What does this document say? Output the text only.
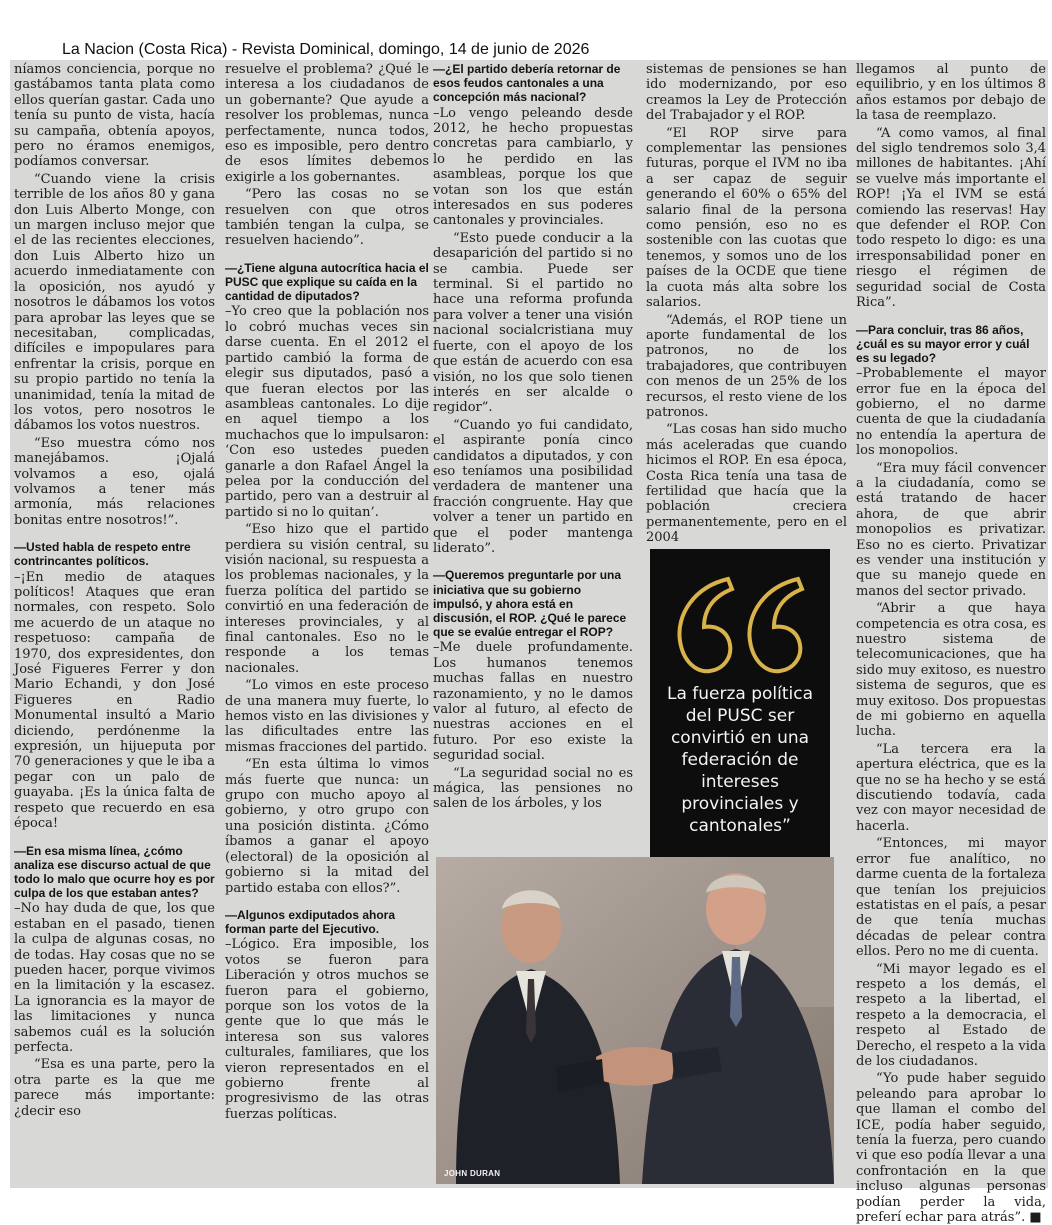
La Nacion (Costa Rica) - Revista Dominical, domingo, 14 de junio de 2026

níamos conciencia, porque no gastábamos tanta plata como ellos querían gastar. Cada uno tenía su punto de vista, hacía su campaña, obtenía apoyos, pero no éramos enemigos, podíamos conversar.

“Cuando viene la crisis terrible de los años 80 y gana don Luis Alberto Monge, con un margen incluso mejor que el de las recientes elecciones, don Luis Alberto hizo un acuerdo inmediatamente con la oposición, nos ayudó y nosotros le dábamos los votos para aprobar las leyes que se necesitaban, complicadas, difíciles e impopulares para enfrentar la crisis, porque en su propio partido no tenía la unanimidad, tenía la mitad de los votos, pero nosotros le dábamos los votos nuestros.

“Eso muestra cómo nos manejábamos. ¡Ojalá volvamos a eso, ojalá volvamos a tener más armonía, más relaciones bonitas entre nosotros!”.

—Usted habla de respeto entre contrincantes políticos.

–¡En medio de ataques políticos! Ataques que eran normales, con respeto. Solo me acuerdo de un ataque no respetuoso: campaña de 1970, dos expresidentes, don José Figueres Ferrer y don Mario Echandi, y don José Figueres en Radio Monumental insultó a Mario diciendo, perdónenme la expresión, un hijueputa por 70 generaciones y que le iba a pegar con un palo de guayaba. ¡Es la única falta de respeto que recuerdo en esa época!

—En esa misma línea, ¿cómo analiza ese discurso actual de que todo lo malo que ocurre hoy es por culpa de los que estaban antes?

–No hay duda de que, los que estaban en el pasado, tienen la culpa de algunas cosas, no de todas. Hay cosas que no se pueden hacer, porque vivimos en la limitación y la escasez. La ignorancia es la mayor de las limitaciones y nunca sabemos cuál es la solución perfecta.

“Esa es una parte, pero la otra parte es la que me parece más importante: ¿decir eso

resuelve el problema? ¿Qué le interesa a los ciudadanos de un gobernante? Que ayude a resolver los problemas, nunca perfectamente, nunca todos, eso es imposible, pero dentro de esos límites debemos exigirle a los gobernantes.

“Pero las cosas no se resuelven con que otros también tengan la culpa, se resuelven haciendo”.

—¿Tiene alguna autocrítica hacia el PUSC que explique su caída en la cantidad de diputados?

–Yo creo que la población nos lo cobró muchas veces sin darse cuenta. En el 2012 el partido cambió la forma de elegir sus diputados, pasó a que fueran electos por las asambleas cantonales. Lo dije en aquel tiempo a los muchachos que lo impulsaron: ‘Con eso ustedes pueden ganarle a don Rafael Ángel la pelea por la conducción del partido, pero van a destruir al partido si no lo quitan’.

“Eso hizo que el partido perdiera su visión central, su visión nacional, su respuesta a los problemas nacionales, y la fuerza política del partido se convirtió en una federación de intereses provinciales, y al final cantonales. Eso no le responde a los temas nacionales.

“Lo vimos en este proceso de una manera muy fuerte, lo hemos visto en las divisiones y las dificultades entre las mismas fracciones del partido.

“En esta última lo vimos más fuerte que nunca: un grupo con mucho apoyo al gobierno, y otro grupo con una posición distinta. ¿Cómo íbamos a ganar el apoyo (electoral) de la oposición al gobierno si la mitad del partido estaba con ellos?”.

—Algunos exdiputados ahora forman parte del Ejecutivo.

–Lógico. Era imposible, los votos se fueron para Liberación y otros muchos se fueron para el gobierno, porque son los votos de la gente que lo que más le interesa son sus valores culturales, familiares, que los vieron representados en el gobierno frente al progresivismo de las otras fuerzas políticas.

—¿El partido debería retornar de esos feudos cantonales a una concepción más nacional?

–Lo vengo peleando desde 2012, he hecho propuestas concretas para cambiarlo, y lo he perdido en las asambleas, porque los que votan son los que están interesados en sus poderes cantonales y provinciales.

“Esto puede conducir a la desaparición del partido si no se cambia. Puede ser terminal. Si el partido no hace una reforma profunda para volver a tener una visión nacional socialcristiana muy fuerte, con el apoyo de los que están de acuerdo con esa visión, no los que solo tienen interés en ser alcalde o regidor”.

“Cuando yo fui candidato, el aspirante ponía cinco candidatos a diputados, y con eso teníamos una posibilidad verdadera de mantener una fracción congruente. Hay que volver a tener un partido en que el poder mantenga liderato”.

—Queremos preguntarle por una iniciativa que su gobierno impulsó, y ahora está en discusión, el ROP. ¿Qué le parece que se evalúe entregar el ROP?

–Me duele profundamente. Los humanos tenemos muchas fallas en nuestro razonamiento, y no le damos valor al futuro, al efecto de nuestras acciones en el futuro. Por eso existe la seguridad social.

“La seguridad social no es mágica, las pensiones no salen de los árboles, y los

sistemas de pensiones se han ido modernizando, por eso creamos la Ley de Protección del Trabajador y el ROP.

“El ROP sirve para complementar las pensiones futuras, porque el IVM no iba a ser capaz de seguir generando el 60% o 65% del salario final de la persona como pensión, eso no es sostenible con las cuotas que tenemos, y somos uno de los países de la OCDE que tiene la cuota más alta sobre los salarios.

“Además, el ROP tiene un aporte fundamental de los patronos, no de los trabajadores, que contribuyen con menos de un 25% de los recursos, el resto viene de los patronos.

“Las cosas han sido mucho más aceleradas que cuando hicimos el ROP. En esa época, Costa Rica tenía una tasa de fertilidad que hacía que la población creciera permanentemente, pero en el 2004

llegamos al punto de equilibrio, y en los últimos 8 años estamos por debajo de la tasa de reemplazo.

“A como vamos, al final del siglo tendremos solo 3,4 millones de habitantes. ¡Ahí se vuelve más importante el ROP! ¡Ya el IVM se está comiendo las reservas! Hay que defender el ROP. Con todo respeto lo digo: es una irresponsabilidad poner en riesgo el régimen de seguridad social de Costa Rica”.

—Para concluir, tras 86 años, ¿cuál es su mayor error y cuál es su legado?

–Probablemente el mayor error fue en la época del gobierno, el no darme cuenta de que la ciudadanía no entendía la apertura de los monopolios.

“Era muy fácil convencer a la ciudadanía, como se está tratando de hacer ahora, de que abrir monopolios es privatizar. Eso no es cierto. Privatizar es vender una institución y que su manejo quede en manos del sector privado.

“Abrir a que haya competencia es otra cosa, es nuestro sistema de telecomunicaciones, que ha sido muy exitoso, es nuestro sistema de seguros, que es muy exitoso. Dos propuestas de mi gobierno en aquella lucha.

“La tercera era la apertura eléctrica, que es la que no se ha hecho y se está discutiendo todavía, cada vez con mayor necesidad de hacerla.

“Entonces, mi mayor error fue analítico, no darme cuenta de la fortaleza que tenían los prejuicios estatistas en el país, a pesar de que tenía muchas décadas de pelear contra ellos. Pero no me di cuenta.

“Mi mayor legado es el respeto a los demás, el respeto a la libertad, el respeto a la democracia, el respeto al Estado de Derecho, el respeto a la vida de los ciudadanos.

“Yo pude haber seguido peleando para aprobar lo que llaman el combo del ICE, podía haber seguido, tenía la fuerza, pero cuando vi que eso podía llevar a una confrontación en la que incluso algunas personas podían perder la vida, preferí echar para atrás”. ■

La fuerza política del PUSC ser convirtió en una federación de intereses provinciales y cantonales”
JOHN DURAN
